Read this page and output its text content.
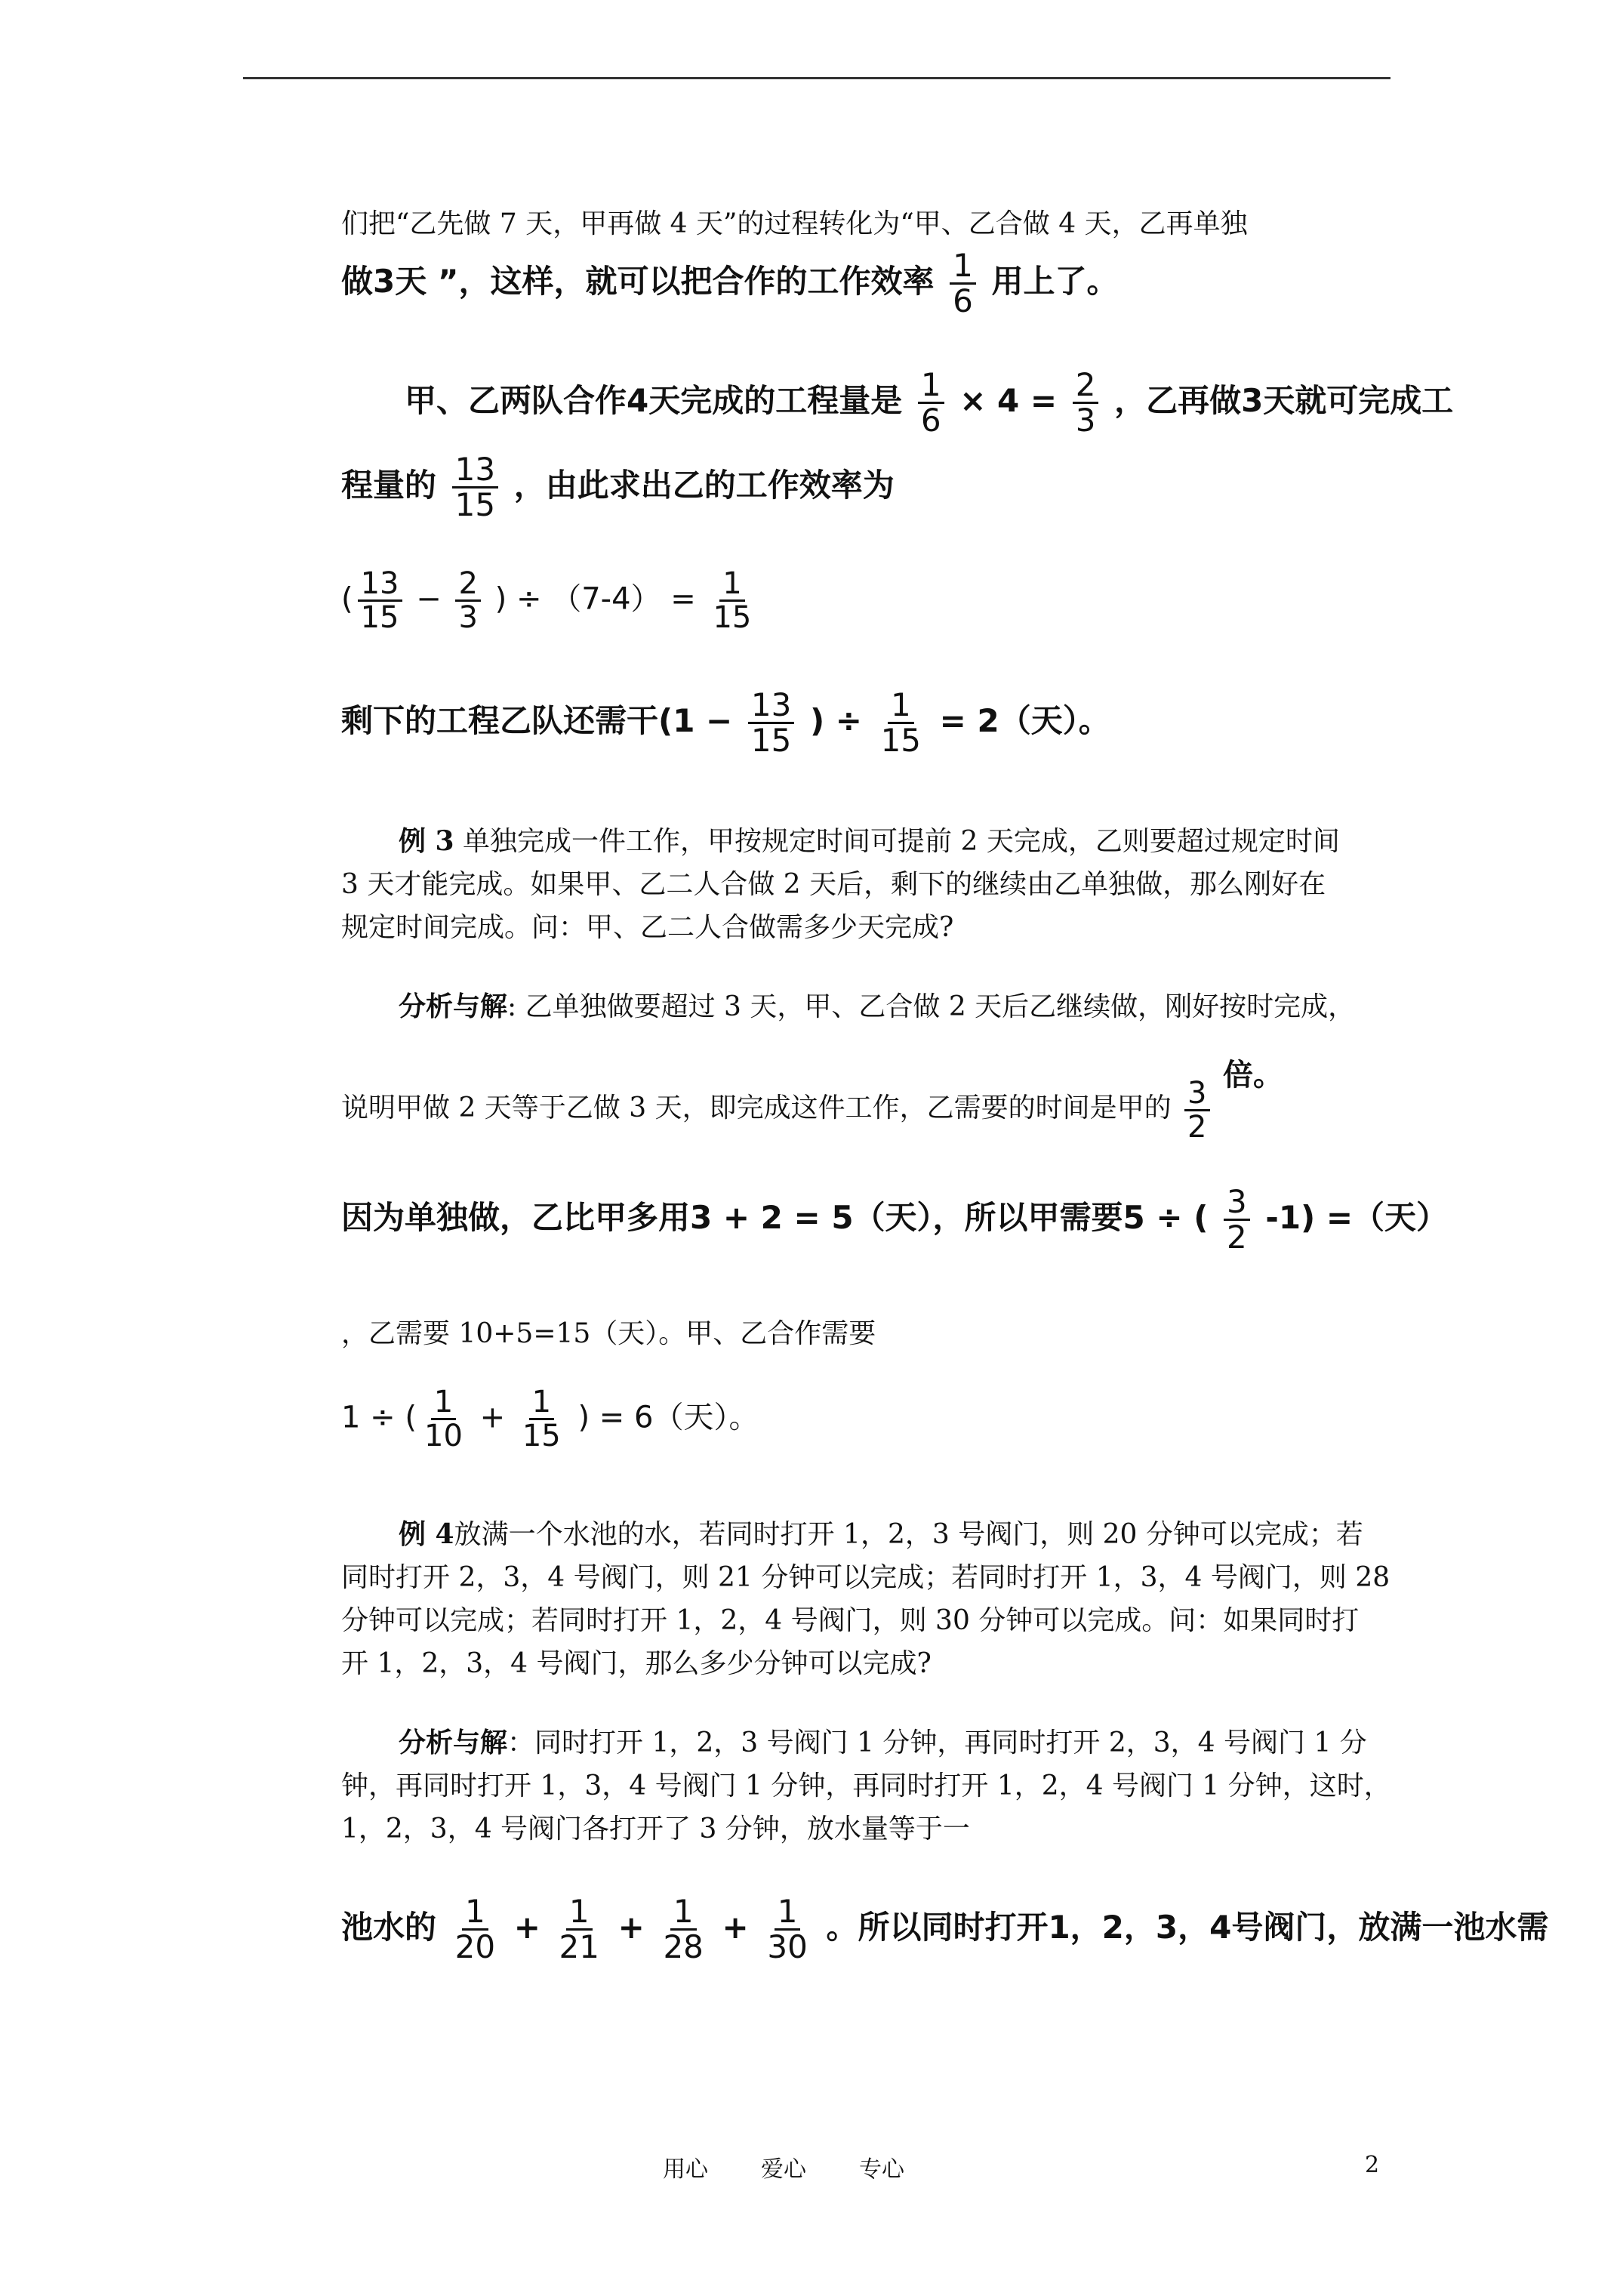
们把“乙先做 7 天，甲再做 4 天”的过程转化为“甲、乙合做 4 天，乙再单独
做3天 ”，这样，就可以把合作的工作效率 $\frac{1}{6}$ 用上了。
甲、乙两队合作4天完成的工程量是 $\frac{1}{6} \times 4 = \frac{2}{3}$ ，乙再做3天就可完成工
程量的 $\frac{13}{15}$ ，由此求出乙的工作效率为
( $\frac{13}{15} - \frac{2}{3}$ ) ÷ $(7-4) = \frac{1}{15}$
剩下的工程乙队还需干($1 - \frac{13}{15}$ ) ÷ $\frac{1}{15} = 2$（天）。
例 3 单独完成一件工作，甲按规定时间可提前 2 天完成，乙则要超过规定时间
3 天才能完成。如果甲、乙二人合做 2 天后，剩下的继续由乙单独做，那么刚好在
规定时间完成。问：甲、乙二人合做需多少天完成?
分析与解: 乙单独做要超过 3 天，甲、乙合做 2 天后乙继续做，刚好按时完成，
说明甲做 2 天等于乙做 3 天，即完成这件工作，乙需要的时间是甲的 $\frac{3}{2}$
倍。
因为单独做，乙比甲多用3 + 2 = 5（天），所以甲需要5 ÷ ( $\frac{3}{2} -1$) =（天）
，乙需要 10+5=15（天）。甲、乙合作需要
1 ÷ ( $\frac{1}{10} + \frac{1}{15}$ ) = 6（天）。
例 4放满一个水池的水，若同时打开 1，2，3 号阀门，则 20 分钟可以完成；若
同时打开 2，3，4 号阀门，则 21 分钟可以完成；若同时打开 1，3，4 号阀门，则 28
分钟可以完成；若同时打开 1，2，4 号阀门，则 30 分钟可以完成。问：如果同时打
开 1，2，3，4 号阀门，那么多少分钟可以完成?
分析与解：同时打开 1，2，3 号阀门 1 分钟，再同时打开 2，3，4 号阀门 1 分
钟，再同时打开 1，3，4 号阀门 1 分钟，再同时打开 1，2，4 号阀门 1 分钟，这时，
1，2，3，4 号阀门各打开了 3 分钟，放水量等于一
池水的 $\frac{1}{20} + \frac{1}{21} + \frac{1}{28} + \frac{1}{30}$ 。所以同时打开1，2，3，4号阀门，放满一池水需
用心 爱心 专心	2
